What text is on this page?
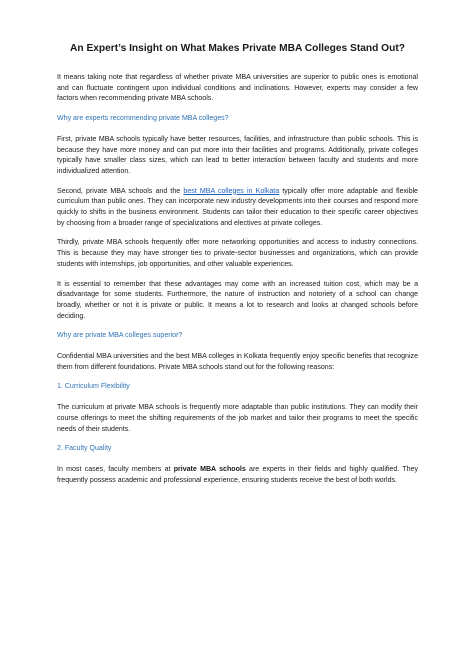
An Expert’s Insight on What Makes Private MBA Colleges Stand Out?

It means taking note that regardless of whether private MBA universities are superior to public ones is emotional and can fluctuate contingent upon individual conditions and inclinations. However, experts may consider a few factors when recommending private MBA schools.

Why are experts recommending private MBA colleges?

First, private MBA schools typically have better resources, facilities, and infrastructure than public schools. This is because they have more money and can put more into their facilities and programs. Additionally, private colleges typically have smaller class sizes, which can lead to better interaction between faculty and students and more individualized attention.

Second, private MBA schools and the best MBA colleges in Kolkata typically offer more adaptable and flexible curriculum than public ones. They can incorporate new industry developments into their courses and respond more quickly to shifts in the business environment. Students can tailor their education to their specific career objectives by choosing from a broader range of specializations and electives at private colleges.

Thirdly, private MBA schools frequently offer more networking opportunities and access to industry connections. This is because they may have stronger ties to private-sector businesses and organizations, which can provide students with internships, job opportunities, and other valuable experiences.

It is essential to remember that these advantages may come with an increased tuition cost, which may be a disadvantage for some students. Furthermore, the nature of instruction and notoriety of a school can change broadly, whether or not it is private or public. It means a lot to research and looks at changed schools before deciding.

Why are private MBA colleges superior?

Confidential MBA universities and the best MBA colleges in Kolkata frequently enjoy specific benefits that recognize them from different foundations. Private MBA schools stand out for the following reasons:

1. Curriculum Flexibility

The curriculum at private MBA schools is frequently more adaptable than public institutions. They can modify their course offerings to meet the shifting requirements of the job market and tailor their programs to meet the specific needs of their students.

2. Faculty Quality

In most cases, faculty members at private MBA schools are experts in their fields and highly qualified. They frequently possess academic and professional experience, ensuring students receive the best of both worlds.
